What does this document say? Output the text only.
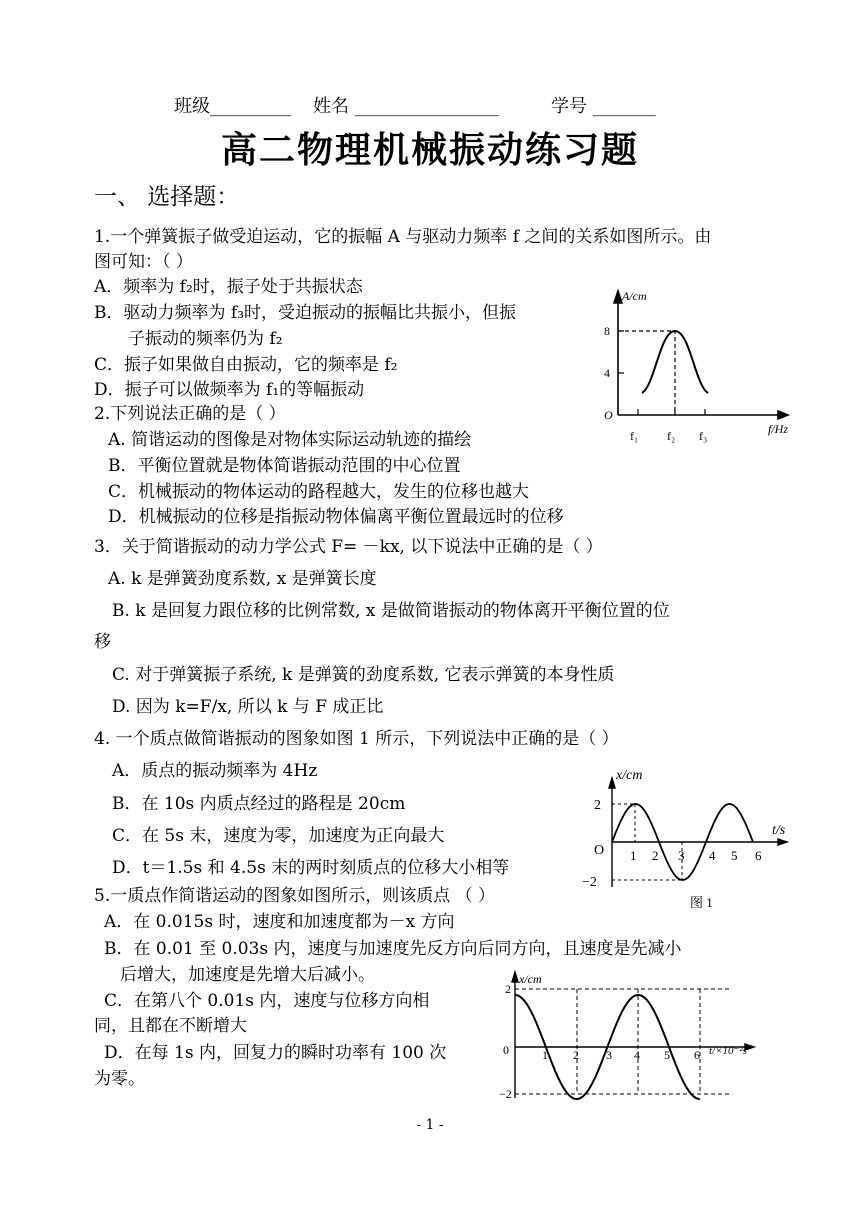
班级_________ 姓名 ________________	学号 _______
高二物理机械振动练习题
一、 选择题：
1.一个弹簧振子做受迫运动，它的振幅 A 与驱动力频率 f 之间的关系如图所示。由
图可知：（ ）
A．频率为 f₂时，振子处于共振状态
B．驱动力频率为 f₃时，受迫振动的振幅比共振小，但振
子振动的频率仍为 f₂
C．振子如果做自由振动，它的频率是 f₂
D．振子可以做频率为 f₁的等幅振动
2.下列说法正确的是（ ）
A. 简谐运动的图像是对物体实际运动轨迹的描绘
B．平衡位置就是物体简谐振动范围的中心位置
C．机械振动的物体运动的路程越大，发生的位移也越大
D．机械振动的位移是指振动物体偏离平衡位置最远时的位移
3．关于简谐振动的动力学公式 F= －kx, 以下说法中正确的是（ ）
A. k 是弹簧劲度系数, x 是弹簧长度
B. k 是回复力跟位移的比例常数, x 是做简谐振动的物体离开平衡位置的位
移
C. 对于弹簧振子系统, k 是弹簧的劲度系数, 它表示弹簧的本身性质
D. 因为 k=F/x, 所以 k 与 F 成正比
4. 一个质点做简谐振动的图象如图 1 所示，下列说法中正确的是（ ）
A．质点的振动频率为 4Hz
B．在 10s 内质点经过的路程是 20cm
C．在 5s 末，速度为零，加速度为正向最大
D．t＝1.5s 和 4.5s 末的两时刻质点的位移大小相等
5.一质点作简谐运动的图象如图所示，则该质点 （ ）
A．在 0.015s 时，速度和加速度都为－x 方向
B．在 0.01 至 0.03s 内，速度与加速度先反方向后同方向，且速度是先减小
后增大，加速度是先增大后减小。
C．在第八个 0.01s 内，速度与位移方向相
同，且都在不断增大
D．在每 1s 内，回复力的瞬时功率有 100 次
为零。
A/cm
8
4
O
f₁ f₂ f₃	f/Hz
x/cm
2
−2
O 1 2 3 4 5 6
t/s
图 1
x/cm
2
−2
0	1 2 3 4 5 6 t/×10⁻²s
- 1 -
